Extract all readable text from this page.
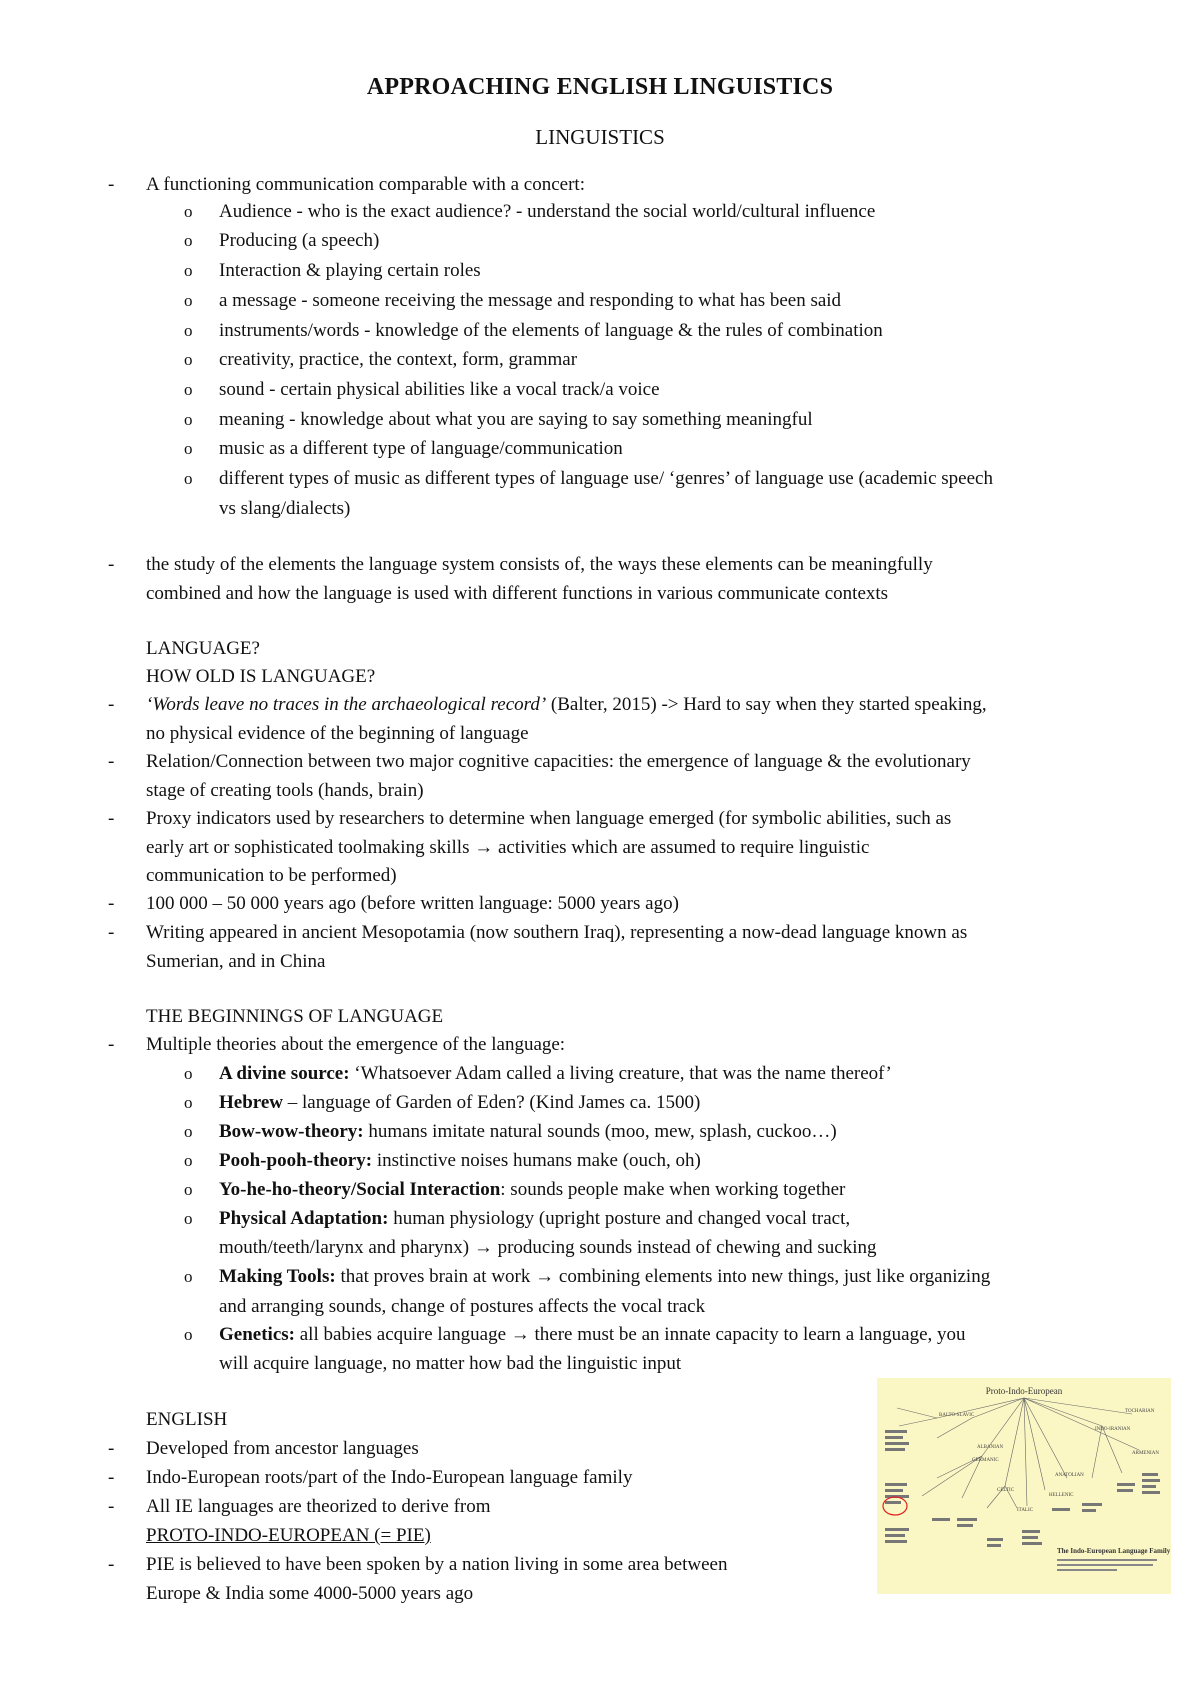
APPROACHING ENGLISH LINGUISTICS
LINGUISTICS
- A functioning communication comparable with a concert:
o Audience - who is the exact audience? - understand the social world/cultural influence
o Producing (a speech)
o Interaction & playing certain roles
o a message - someone receiving the message and responding to what has been said
o instruments/words - knowledge of the elements of language & the rules of combination
o creativity, practice, the context, form, grammar
o sound - certain physical abilities like a vocal track/a voice
o meaning - knowledge about what you are saying to say something meaningful
o music as a different type of language/communication
o different types of music as different types of language use/ ‘genres’ of language use (academic speech
vs slang/dialects)
- the study of the elements the language system consists of, the ways these elements can be meaningfully
combined and how the language is used with different functions in various communicate contexts
LANGUAGE?
HOW OLD IS LANGUAGE?
- ‘Words leave no traces in the archaeological record’ (Balter, 2015) -> Hard to say when they started speaking,
no physical evidence of the beginning of language
- Relation/Connection between two major cognitive capacities: the emergence of language & the evolutionary
stage of creating tools (hands, brain)
- Proxy indicators used by researchers to determine when language emerged (for symbolic abilities, such as
early art or sophisticated toolmaking skills → activities which are assumed to require linguistic
communication to be performed)
- 100 000 – 50 000 years ago (before written language: 5000 years ago)
- Writing appeared in ancient Mesopotamia (now southern Iraq), representing a now-dead language known as
Sumerian, and in China
THE BEGINNINGS OF LANGUAGE
- Multiple theories about the emergence of the language:
o A divine source: ‘Whatsoever Adam called a living creature, that was the name thereof’
o Hebrew – language of Garden of Eden? (Kind James ca. 1500)
o Bow-wow-theory: humans imitate natural sounds (moo, mew, splash, cuckoo…)
o Pooh-pooh-theory: instinctive noises humans make (ouch, oh)
o Yo-he-ho-theory/Social Interaction: sounds people make when working together
o Physical Adaptation: human physiology (upright posture and changed vocal tract,
mouth/teeth/larynx and pharynx) → producing sounds instead of chewing and sucking
o Making Tools: that proves brain at work → combining elements into new things, just like organizing
and arranging sounds, change of postures affects the vocal track
o Genetics: all babies acquire language → there must be an innate capacity to learn a language, you
will acquire language, no matter how bad the linguistic input
ENGLISH
- Developed from ancestor languages
- Indo-European roots/part of the Indo-European language family
- All IE languages are theorized to derive from
PROTO-INDO-EUROPEAN (= PIE)
- PIE is believed to have been spoken by a nation living in some area between
Europe & India some 4000-5000 years ago
Proto-Indo-European
BALTO-SLAVIC
GERMANIC
CELTIC
ITALIC
HELLENIC
ANATOLIAN
INDO-IRANIAN
TOCHARIAN
ARMENIAN
ALBANIAN
The Indo-European Language Family
